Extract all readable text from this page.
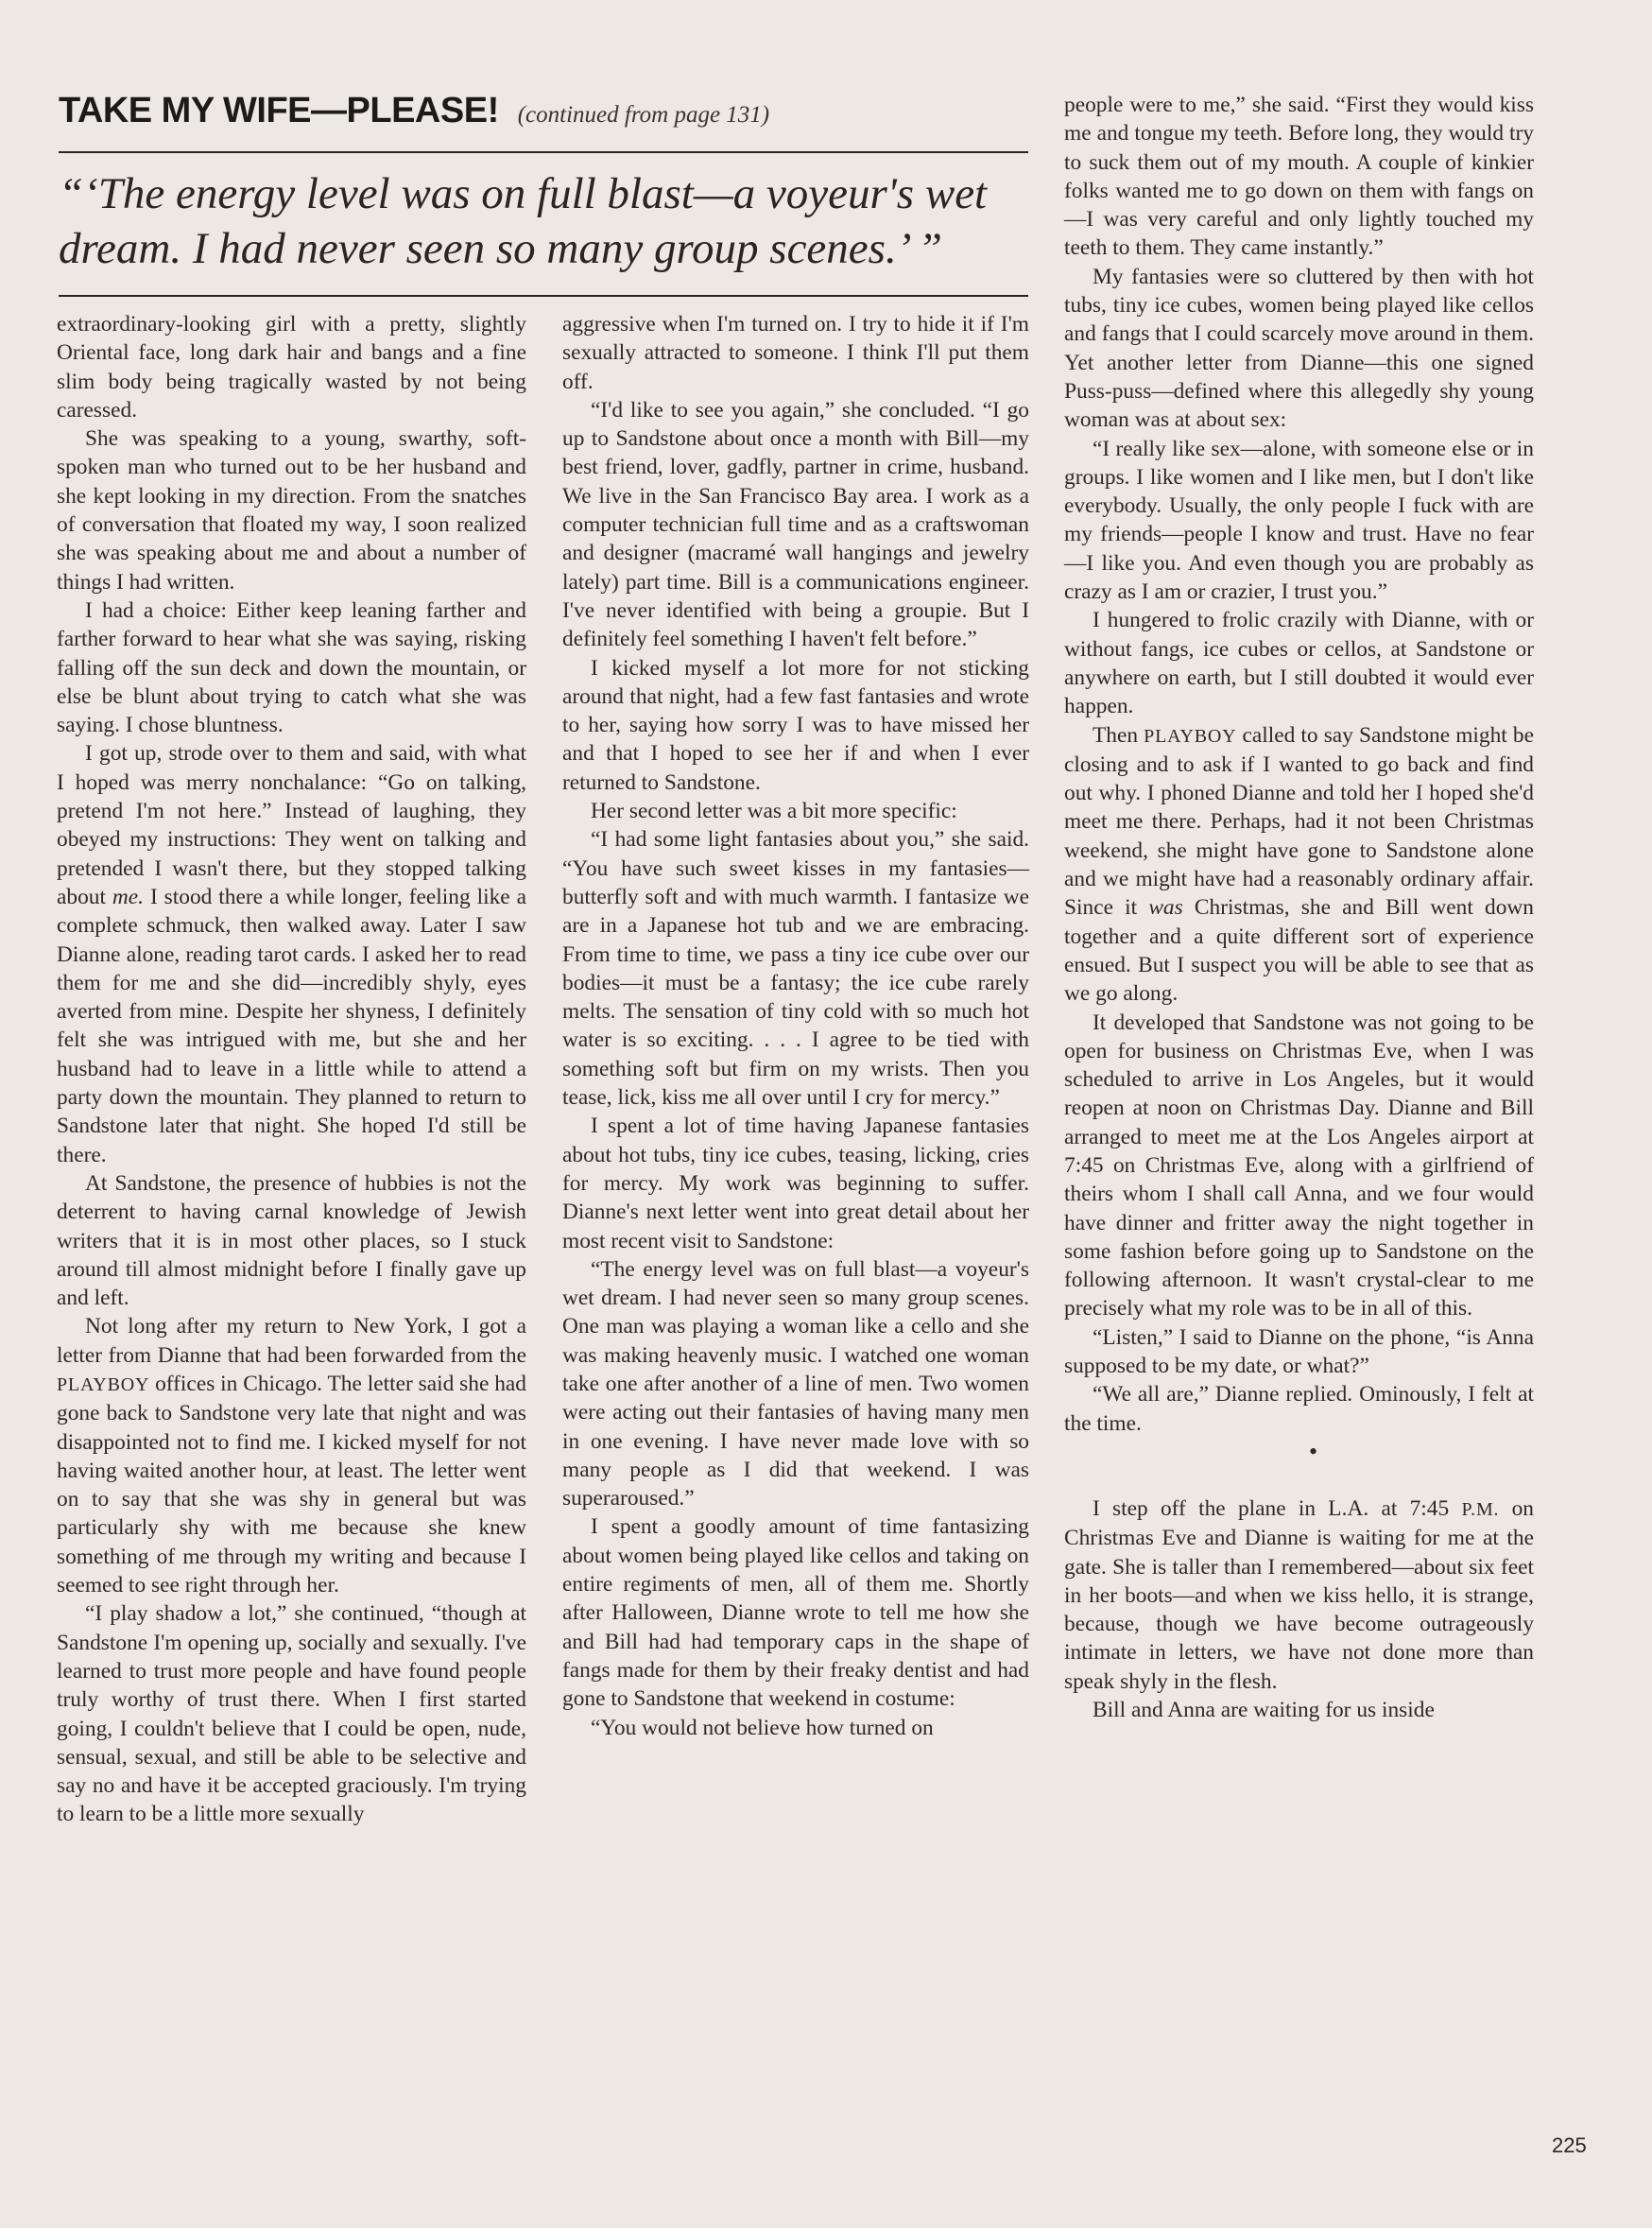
TAKE MY WIFE—PLEASE! (continued from page 131)
“‘The energy level was on full blast—a voyeur's wet dream. I had never seen so many group scenes.’ ”

extraordinary-looking girl with a pretty, slightly Oriental face, long dark hair and bangs and a fine slim body being tragically wasted by not being caressed.

She was speaking to a young, swarthy, soft-spoken man who turned out to be her husband and she kept looking in my direction. From the snatches of conversation that floated my way, I soon realized she was speaking about me and about a number of things I had written.

I had a choice: Either keep leaning farther and farther forward to hear what she was saying, risking falling off the sun deck and down the mountain, or else be blunt about trying to catch what she was saying. I chose bluntness.

I got up, strode over to them and said, with what I hoped was merry nonchalance: “Go on talking, pretend I'm not here.” Instead of laughing, they obeyed my instructions: They went on talking and pretended I wasn't there, but they stopped talking about me. I stood there a while longer, feeling like a complete schmuck, then walked away. Later I saw Dianne alone, reading tarot cards. I asked her to read them for me and she did—incredibly shyly, eyes averted from mine. Despite her shyness, I definitely felt she was intrigued with me, but she and her husband had to leave in a little while to attend a party down the mountain. They planned to return to Sandstone later that night. She hoped I'd still be there.

At Sandstone, the presence of hubbies is not the deterrent to having carnal knowledge of Jewish writers that it is in most other places, so I stuck around till almost midnight before I finally gave up and left.

Not long after my return to New York, I got a letter from Dianne that had been forwarded from the PLAYBOY offices in Chicago. The letter said she had gone back to Sandstone very late that night and was disappointed not to find me. I kicked myself for not having waited another hour, at least. The letter went on to say that she was shy in general but was particularly shy with me because she knew something of me through my writing and because I seemed to see right through her.

“I play shadow a lot,” she continued, “though at Sandstone I'm opening up, socially and sexually. I've learned to trust more people and have found people truly worthy of trust there. When I first started going, I couldn't believe that I could be open, nude, sensual, sexual, and still be able to be selective and say no and have it be accepted graciously. I'm trying to learn to be a little more sexually

aggressive when I'm turned on. I try to hide it if I'm sexually attracted to someone. I think I'll put them off.

“I'd like to see you again,” she concluded. “I go up to Sandstone about once a month with Bill—my best friend, lover, gadfly, partner in crime, husband. We live in the San Francisco Bay area. I work as a computer technician full time and as a craftswoman and designer (macramé wall hangings and jewelry lately) part time. Bill is a communications engineer. I've never identified with being a groupie. But I definitely feel something I haven't felt before.”

I kicked myself a lot more for not sticking around that night, had a few fast fantasies and wrote to her, saying how sorry I was to have missed her and that I hoped to see her if and when I ever returned to Sandstone.

Her second letter was a bit more specific:

“I had some light fantasies about you,” she said. “You have such sweet kisses in my fantasies—butterfly soft and with much warmth. I fantasize we are in a Japanese hot tub and we are embracing. From time to time, we pass a tiny ice cube over our bodies—it must be a fantasy; the ice cube rarely melts. The sensation of tiny cold with so much hot water is so exciting. . . . I agree to be tied with something soft but firm on my wrists. Then you tease, lick, kiss me all over until I cry for mercy.”

I spent a lot of time having Japanese fantasies about hot tubs, tiny ice cubes, teasing, licking, cries for mercy. My work was beginning to suffer. Dianne's next letter went into great detail about her most recent visit to Sandstone:

“The energy level was on full blast—a voyeur's wet dream. I had never seen so many group scenes. One man was playing a woman like a cello and she was making heavenly music. I watched one woman take one after another of a line of men. Two women were acting out their fantasies of having many men in one evening. I have never made love with so many people as I did that weekend. I was superaroused.”

I spent a goodly amount of time fantasizing about women being played like cellos and taking on entire regiments of men, all of them me. Shortly after Halloween, Dianne wrote to tell me how she and Bill had had temporary caps in the shape of fangs made for them by their freaky dentist and had gone to Sandstone that weekend in costume:

“You would not believe how turned on

people were to me,” she said. “First they would kiss me and tongue my teeth. Before long, they would try to suck them out of my mouth. A couple of kinkier folks wanted me to go down on them with fangs on—I was very careful and only lightly touched my teeth to them. They came instantly.”

My fantasies were so cluttered by then with hot tubs, tiny ice cubes, women being played like cellos and fangs that I could scarcely move around in them. Yet another letter from Dianne—this one signed Puss-puss—defined where this allegedly shy young woman was at about sex:

“I really like sex—alone, with someone else or in groups. I like women and I like men, but I don't like everybody. Usually, the only people I fuck with are my friends—people I know and trust. Have no fear—I like you. And even though you are probably as crazy as I am or crazier, I trust you.”

I hungered to frolic crazily with Dianne, with or without fangs, ice cubes or cellos, at Sandstone or anywhere on earth, but I still doubted it would ever happen.

Then PLAYBOY called to say Sandstone might be closing and to ask if I wanted to go back and find out why. I phoned Dianne and told her I hoped she'd meet me there. Perhaps, had it not been Christmas weekend, she might have gone to Sandstone alone and we might have had a reasonably ordinary affair. Since it was Christmas, she and Bill went down together and a quite different sort of experience ensued. But I suspect you will be able to see that as we go along.

It developed that Sandstone was not going to be open for business on Christmas Eve, when I was scheduled to arrive in Los Angeles, but it would reopen at noon on Christmas Day. Dianne and Bill arranged to meet me at the Los Angeles airport at 7:45 on Christmas Eve, along with a girlfriend of theirs whom I shall call Anna, and we four would have dinner and fritter away the night together in some fashion before going up to Sandstone on the following afternoon. It wasn't crystal-clear to me precisely what my role was to be in all of this.

“Listen,” I said to Dianne on the phone, “is Anna supposed to be my date, or what?”

“We all are,” Dianne replied. Ominously, I felt at the time.

•

I step off the plane in L.A. at 7:45 P.M. on Christmas Eve and Dianne is waiting for me at the gate. She is taller than I remembered—about six feet in her boots—and when we kiss hello, it is strange, because, though we have become outrageously intimate in letters, we have not done more than speak shyly in the flesh.

Bill and Anna are waiting for us inside

225
